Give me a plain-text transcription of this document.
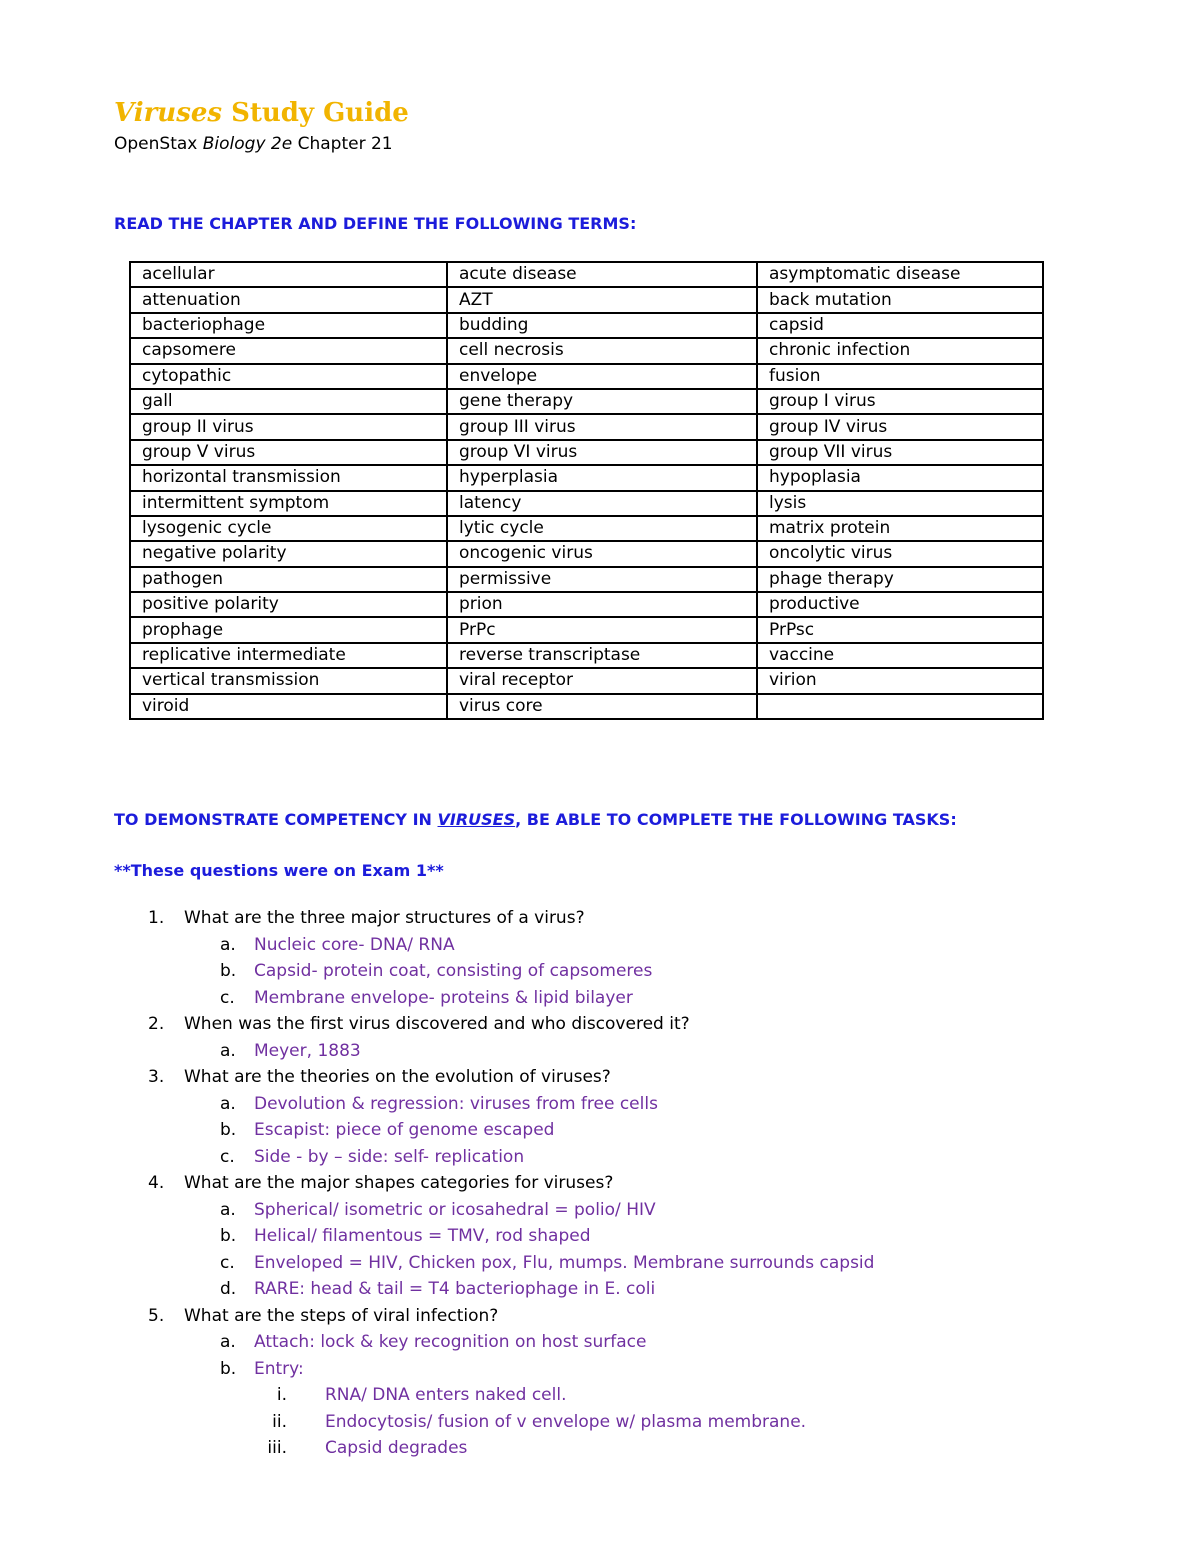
Viruses Study Guide

OpenStax Biology 2e Chapter 21

READ THE CHAPTER AND DEFINE THE FOLLOWING TERMS:

acellular	acute disease	asymptomatic disease
attenuation	AZT	back mutation
bacteriophage	budding	capsid
capsomere	cell necrosis	chronic infection
cytopathic	envelope	fusion
gall	gene therapy	group I virus
group II virus	group III virus	group IV virus
group V virus	group VI virus	group VII virus
horizontal transmission	hyperplasia	hypoplasia
intermittent symptom	latency	lysis
lysogenic cycle	lytic cycle	matrix protein
negative polarity	oncogenic virus	oncolytic virus
pathogen	permissive	phage therapy
positive polarity	prion	productive
prophage	PrPc	PrPsc
replicative intermediate	reverse transcriptase	vaccine
vertical transmission	viral receptor	virion
viroid	virus core	

TO DEMONSTRATE COMPETENCY IN VIRUSES, BE ABLE TO COMPLETE THE FOLLOWING TASKS:

**These questions were on Exam 1**

1. What are the three major structures of a virus?
a. Nucleic core- DNA/ RNA
b. Capsid- protein coat, consisting of capsomeres
c. Membrane envelope- proteins & lipid bilayer
2. When was the first virus discovered and who discovered it?
a. Meyer, 1883
3. What are the theories on the evolution of viruses?
a. Devolution & regression: viruses from free cells
b. Escapist: piece of genome escaped
c. Side - by – side: self- replication
4. What are the major shapes categories for viruses?
a. Spherical/ isometric or icosahedral = polio/ HIV
b. Helical/ filamentous = TMV, rod shaped
c. Enveloped = HIV, Chicken pox, Flu, mumps. Membrane surrounds capsid
d. RARE: head & tail = T4 bacteriophage in E. coli
5. What are the steps of viral infection?
a. Attach: lock & key recognition on host surface
b. Entry:
i. RNA/ DNA enters naked cell.
ii. Endocytosis/ fusion of v envelope w/ plasma membrane.
iii. Capsid degrades
